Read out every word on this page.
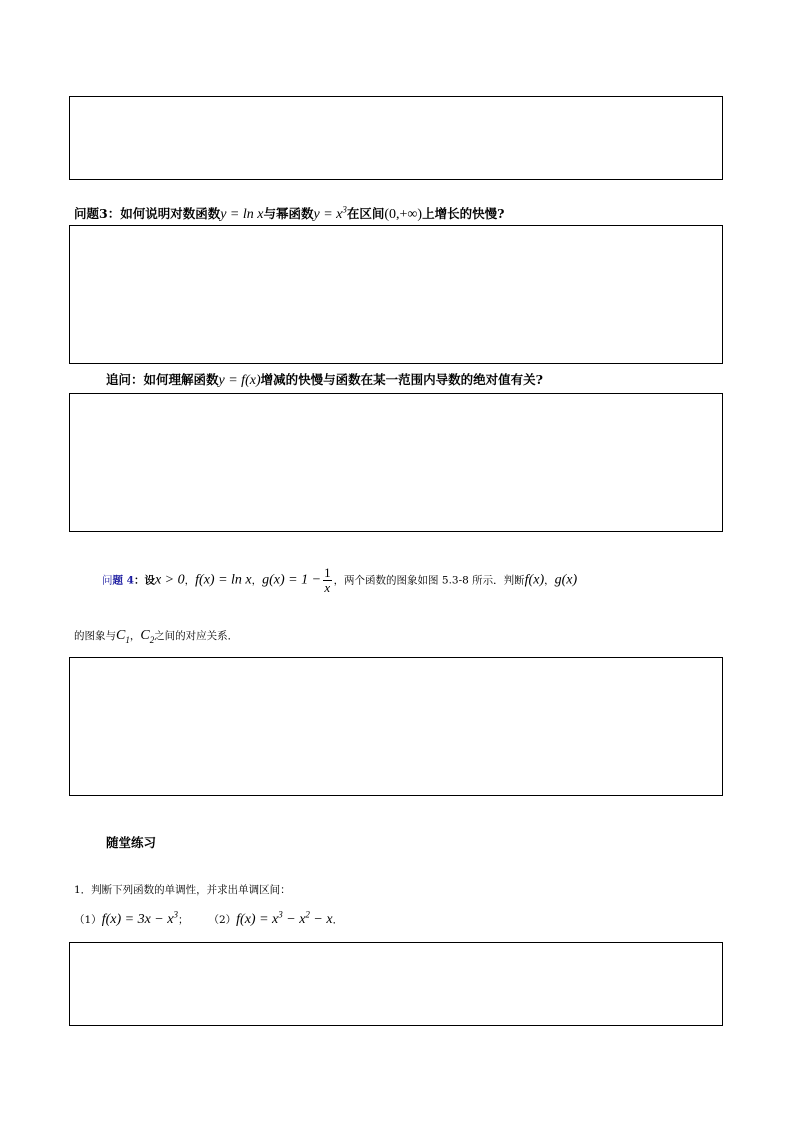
问题3：如何说明对数函数y = ln x与幂函数$y = x^3$在区间(0,+∞)上增长的快慢?
追问：如何理解函数y = f(x)增减的快慢与函数在某一范围内导数的绝对值有关?
问题 4：设x > 0，f(x) = ln x，$g(x) = 1 - \frac{1}{x}$ ，两个函数的图象如图 5.3-8 所示．判断f(x)，g(x)
的图象与$C_1$，$C_2$之间的对应关系．
随堂练习
1．判断下列函数的单调性，并求出单调区间：
$(1)f(x) = 3x - x^3$； $(2)f(x) = x^3 - x^2 - x$．
